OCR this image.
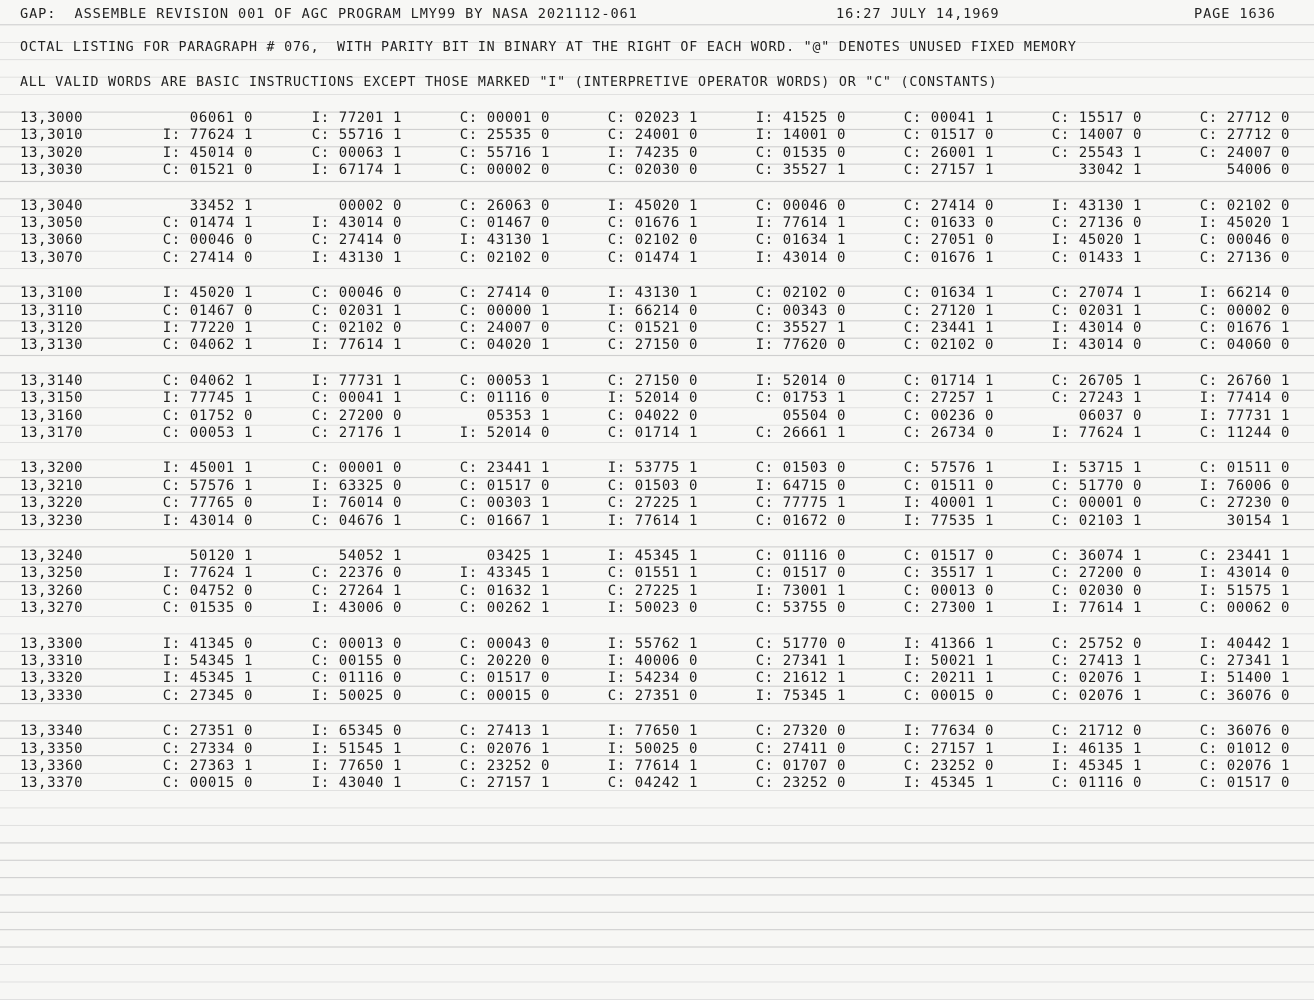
GAP:  ASSEMBLE REVISION 001 OF AGC PROGRAM LMY99 BY NASA 2021112-061	16:27 JULY 14,1969	PAGE 1636
OCTAL LISTING FOR PARAGRAPH # 076,  WITH PARITY BIT IN BINARY AT THE RIGHT OF EACH WORD. "@" DENOTES UNUSED FIXED MEMORY
ALL VALID WORDS ARE BASIC INSTRUCTIONS EXCEPT THOSE MARKED "I" (INTERPRETIVE OPERATOR WORDS) OR "C" (CONSTANTS)
13,3000	06061 0	I: 77201 1	C: 00001 0	C: 02023 1	I: 41525 0	C: 00041 1	C: 15517 0	C: 27712 0
13,3010	I: 77624 1	C: 55716 1	C: 25535 0	C: 24001 0	I: 14001 0	C: 01517 0	C: 14007 0	C: 27712 0
13,3020	I: 45014 0	C: 00063 1	C: 55716 1	I: 74235 0	C: 01535 0	C: 26001 1	C: 25543 1	C: 24007 0
13,3030	C: 01521 0	I: 67174 1	C: 00002 0	C: 02030 0	C: 35527 1	C: 27157 1	33042 1	54006 0
13,3040	33452 1	00002 0	C: 26063 0	I: 45020 1	C: 00046 0	C: 27414 0	I: 43130 1	C: 02102 0
13,3050	C: 01474 1	I: 43014 0	C: 01467 0	C: 01676 1	I: 77614 1	C: 01633 0	C: 27136 0	I: 45020 1
13,3060	C: 00046 0	C: 27414 0	I: 43130 1	C: 02102 0	C: 01634 1	C: 27051 0	I: 45020 1	C: 00046 0
13,3070	C: 27414 0	I: 43130 1	C: 02102 0	C: 01474 1	I: 43014 0	C: 01676 1	C: 01433 1	C: 27136 0
13,3100	I: 45020 1	C: 00046 0	C: 27414 0	I: 43130 1	C: 02102 0	C: 01634 1	C: 27074 1	I: 66214 0
13,3110	C: 01467 0	C: 02031 1	C: 00000 1	I: 66214 0	C: 00343 0	C: 27120 1	C: 02031 1	C: 00002 0
13,3120	I: 77220 1	C: 02102 0	C: 24007 0	C: 01521 0	C: 35527 1	C: 23441 1	I: 43014 0	C: 01676 1
13,3130	C: 04062 1	I: 77614 1	C: 04020 1	C: 27150 0	I: 77620 0	C: 02102 0	I: 43014 0	C: 04060 0
13,3140	C: 04062 1	I: 77731 1	C: 00053 1	C: 27150 0	I: 52014 0	C: 01714 1	C: 26705 1	C: 26760 1
13,3150	I: 77745 1	C: 00041 1	C: 01116 0	I: 52014 0	C: 01753 1	C: 27257 1	C: 27243 1	I: 77414 0
13,3160	C: 01752 0	C: 27200 0	05353 1	C: 04022 0	05504 0	C: 00236 0	06037 0	I: 77731 1
13,3170	C: 00053 1	C: 27176 1	I: 52014 0	C: 01714 1	C: 26661 1	C: 26734 0	I: 77624 1	C: 11244 0
13,3200	I: 45001 1	C: 00001 0	C: 23441 1	I: 53775 1	C: 01503 0	C: 57576 1	I: 53715 1	C: 01511 0
13,3210	C: 57576 1	I: 63325 0	C: 01517 0	C: 01503 0	I: 64715 0	C: 01511 0	C: 51770 0	I: 76006 0
13,3220	C: 77765 0	I: 76014 0	C: 00303 1	C: 27225 1	C: 77775 1	I: 40001 1	C: 00001 0	C: 27230 0
13,3230	I: 43014 0	C: 04676 1	C: 01667 1	I: 77614 1	C: 01672 0	I: 77535 1	C: 02103 1	30154 1
13,3240	50120 1	54052 1	03425 1	I: 45345 1	C: 01116 0	C: 01517 0	C: 36074 1	C: 23441 1
13,3250	I: 77624 1	C: 22376 0	I: 43345 1	C: 01551 1	C: 01517 0	C: 35517 1	C: 27200 0	I: 43014 0
13,3260	C: 04752 0	C: 27264 1	C: 01632 1	C: 27225 1	I: 73001 1	C: 00013 0	C: 02030 0	I: 51575 1
13,3270	C: 01535 0	I: 43006 0	C: 00262 1	I: 50023 0	C: 53755 0	C: 27300 1	I: 77614 1	C: 00062 0
13,3300	I: 41345 0	C: 00013 0	C: 00043 0	I: 55762 1	C: 51770 0	I: 41366 1	C: 25752 0	I: 40442 1
13,3310	I: 54345 1	C: 00155 0	C: 20220 0	I: 40006 0	C: 27341 1	I: 50021 1	C: 27413 1	C: 27341 1
13,3320	I: 45345 1	C: 01116 0	C: 01517 0	I: 54234 0	C: 21612 1	C: 20211 1	C: 02076 1	I: 51400 1
13,3330	C: 27345 0	I: 50025 0	C: 00015 0	C: 27351 0	I: 75345 1	C: 00015 0	C: 02076 1	C: 36076 0
13,3340	C: 27351 0	I: 65345 0	C: 27413 1	I: 77650 1	C: 27320 0	I: 77634 0	C: 21712 0	C: 36076 0
13,3350	C: 27334 0	I: 51545 1	C: 02076 1	I: 50025 0	C: 27411 0	C: 27157 1	I: 46135 1	C: 01012 0
13,3360	C: 27363 1	I: 77650 1	C: 23252 0	I: 77614 1	C: 01707 0	C: 23252 0	I: 45345 1	C: 02076 1
13,3370	C: 00015 0	I: 43040 1	C: 27157 1	C: 04242 1	C: 23252 0	I: 45345 1	C: 01116 0	C: 01517 0
